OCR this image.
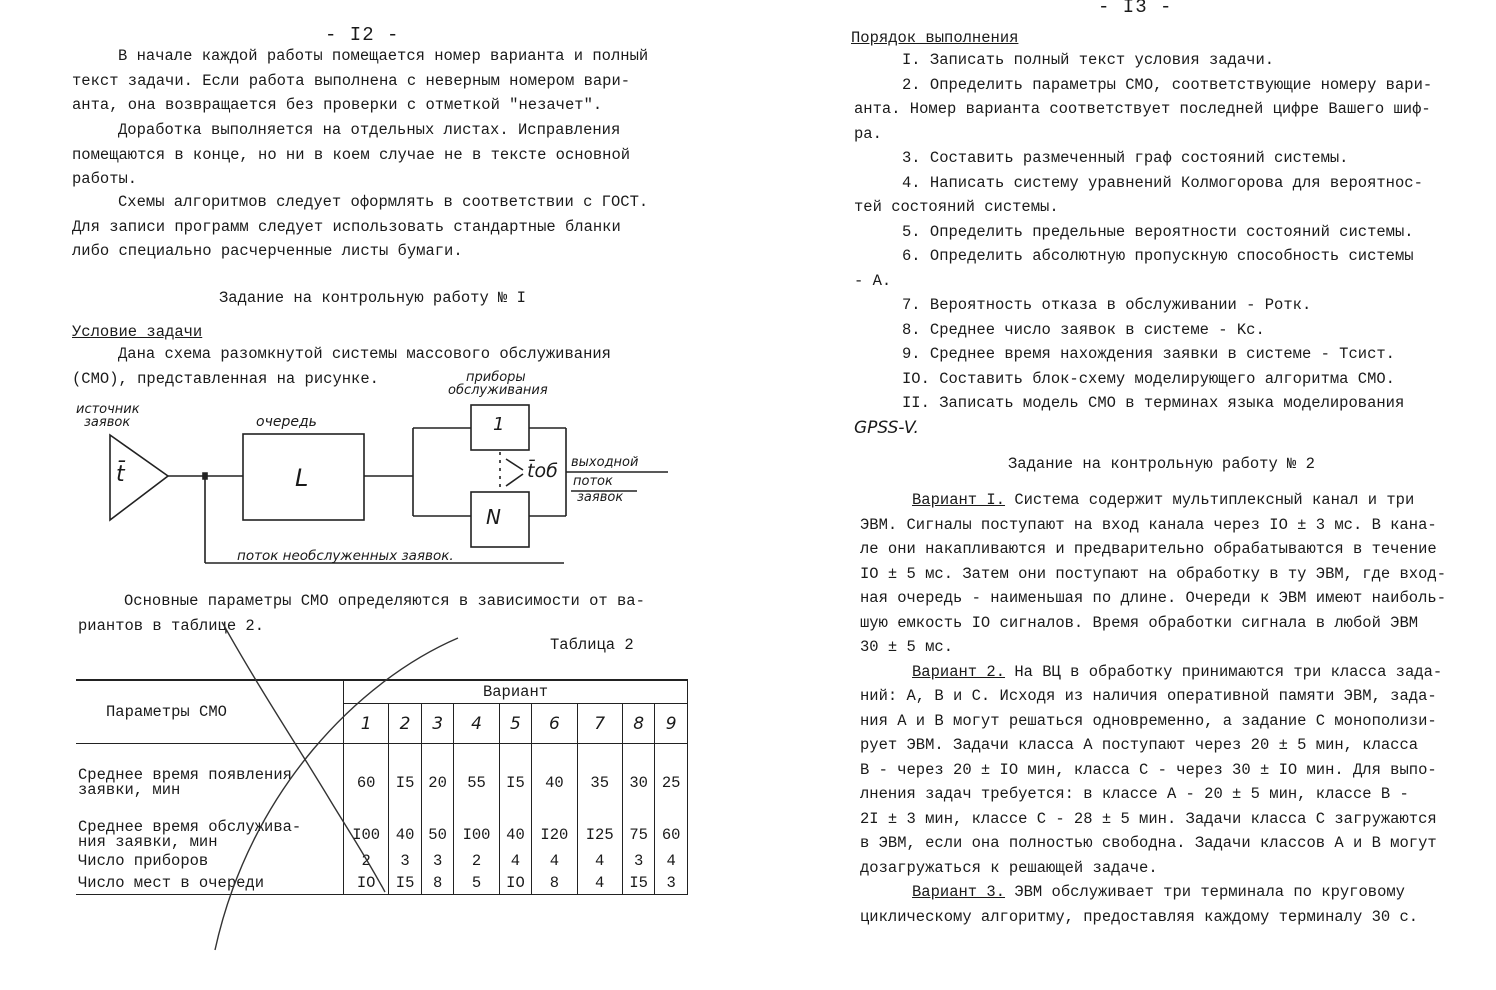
- I2 -
В начале каждой работы помещается номер варианта и полный
текст задачи. Если работа выполнена с неверным номером вари-
анта, она возвращается без проверки с отметкой "незачет".
Доработка выполняется на отдельных листах. Исправления
помещаются в конце, но ни в коем случае не в тексте основной
работы.
Схемы алгоритмов следует оформлять в соответствии с ГОСТ.
Для записи программ следует использовать стандартные бланки
либо специально расчерченные листы бумаги.
Задание на контрольную работу № I
Условие задачи
Дана схема разомкнутой системы массового обслуживания
(СМО), представленная на рисунке.
источник
заявок
t̄
очередь
L
приборы
обслуживания
1
N
t̄об выходной
поток
заявок
поток необслуженных заявок.
Основные параметры СМО определяются в зависимости от ва-
риантов в таблице 2.
Таблица 2
Параметры СМО	Вариант								
	1	2	3	4	5	6	7	8	9

Среднее время появления
заявки, мин	60	I5	20	55	I5	40	35	30	25

Среднее время обслужива-
ния заявки, мин	I00	40	50	I00	40	I20	I25	75	60
Число приборов	2	3	3	2	4	4	4	3	4
Число мест в очереди	IO	I5	8	5	IO	8	4	I5	3
- I3 -
Порядок выполнения
I. Записать полный текст условия задачи.
2. Определить параметры СМО, соответствующие номеру вари-
анта. Номер варианта соответствует последней цифре Вашего шиф-
ра.
3. Составить размеченный граф состояний системы.
4. Написать систему уравнений Колмогорова для вероятнос-
тей состояний системы.
5. Определить предельные вероятности состояний системы.
6. Определить абсолютную пропускную способность системы
- A.
7. Вероятность отказа в обслуживании - Pотк.
8. Среднее число заявок в системе - Kс.
9. Среднее время нахождения заявки в системе - Tсист.
IO. Составить блок-схему моделирующего алгоритма СМО.
II. Записать модель СМО в терминах языка моделирования
GPSS-V.
Задание на контрольную работу № 2
Вариант I. Система содержит мультиплексный канал и три
ЭВМ. Сигналы поступают на вход канала через IO ± 3 мс. В кана-
ле они накапливаются и предварительно обрабатываются в течение
IO ± 5 мс. Затем они поступают на обработку в ту ЭВМ, где вход-
ная очередь - наименьшая по длине. Очереди к ЭВМ имеют наиболь-
шую емкость IO сигналов. Время обработки сигнала в любой ЭВМ
30 ± 5 мс.
Вариант 2. На ВЦ в обработку принимаются три класса зада-
ний: A, B и C. Исходя из наличия оперативной памяти ЭВМ, зада-
ния A и B могут решаться одновременно, а задание C монополизи-
рует ЭВМ. Задачи класса A поступают через 20 ± 5 мин, класса
B - через 20 ± IO мин, класса C - через 30 ± IO мин. Для выпо-
лнения задач требуется: в классе A - 20 ± 5 мин, классе B -
2I ± 3 мин, классе C - 28 ± 5 мин. Задачи класса C загружаются
в ЭВМ, если она полностью свободна. Задачи классов A и B могут
дозагружаться к решающей задаче.
Вариант 3. ЭВМ обслуживает три терминала по круговому
циклическому алгоритму, предоставляя каждому терминалу 30 с.
